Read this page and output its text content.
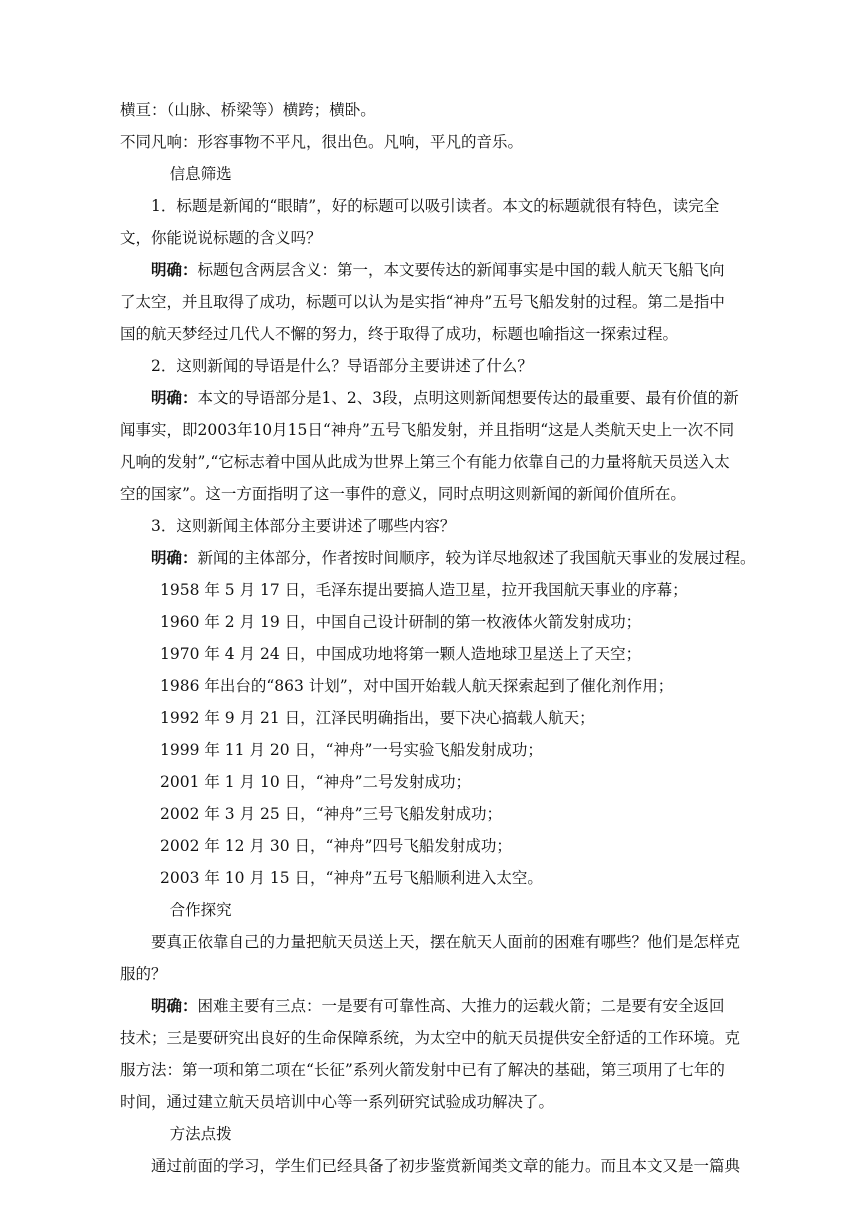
横亘：（山脉、桥梁等）横跨；横卧。

不同凡响：形容事物不平凡，很出色。凡响，平凡的音乐。

信息筛选

1．标题是新闻的“眼睛”，好的标题可以吸引读者。本文的标题就很有特色，读完全文，你能说说标题的含义吗？

明确：标题包含两层含义：第一，本文要传达的新闻事实是中国的载人航天飞船飞向了太空，并且取得了成功，标题可以认为是实指“神舟”五号飞船发射的过程。第二是指中国的航天梦经过几代人不懈的努力，终于取得了成功，标题也喻指这一探索过程。

2．这则新闻的导语是什么？导语部分主要讲述了什么？

明确：本文的导语部分是1、2、3段，点明这则新闻想要传达的最重要、最有价值的新闻事实，即2003年10月15日“神舟”五号飞船发射，并且指明“这是人类航天史上一次不同凡响的发射”,“它标志着中国从此成为世界上第三个有能力依靠自己的力量将航天员送入太空的国家”。这一方面指明了这一事件的意义，同时点明这则新闻的新闻价值所在。

3．这则新闻主体部分主要讲述了哪些内容？

明确：新闻的主体部分，作者按时间顺序，较为详尽地叙述了我国航天事业的发展过程。

1958 年 5 月 17 日，毛泽东提出要搞人造卫星，拉开我国航天事业的序幕；

1960 年 2 月 19 日，中国自己设计研制的第一枚液体火箭发射成功；

1970 年 4 月 24 日，中国成功地将第一颗人造地球卫星送上了天空；

1986 年出台的“863 计划”，对中国开始载人航天探索起到了催化剂作用；

1992 年 9 月 21 日，江泽民明确指出，要下决心搞载人航天；

1999 年 11 月 20 日，“神舟”一号实验飞船发射成功；

2001 年 1 月 10 日，“神舟”二号发射成功；

2002 年 3 月 25 日，“神舟”三号飞船发射成功；

2002 年 12 月 30 日，“神舟”四号飞船发射成功；

2003 年 10 月 15 日，“神舟”五号飞船顺利进入太空。

合作探究

要真正依靠自己的力量把航天员送上天，摆在航天人面前的困难有哪些？他们是怎样克服的？

明确：困难主要有三点：一是要有可靠性高、大推力的运载火箭；二是要有安全返回技术；三是要研究出良好的生命保障系统，为太空中的航天员提供安全舒适的工作环境。克服方法：第一项和第二项在“长征”系列火箭发射中已有了解决的基础，第三项用了七年的时间，通过建立航天员培训中心等一系列研究试验成功解决了。

方法点拨

通过前面的学习，学生们已经具备了初步鉴赏新闻类文章的能力。而且本文又是一篇典
